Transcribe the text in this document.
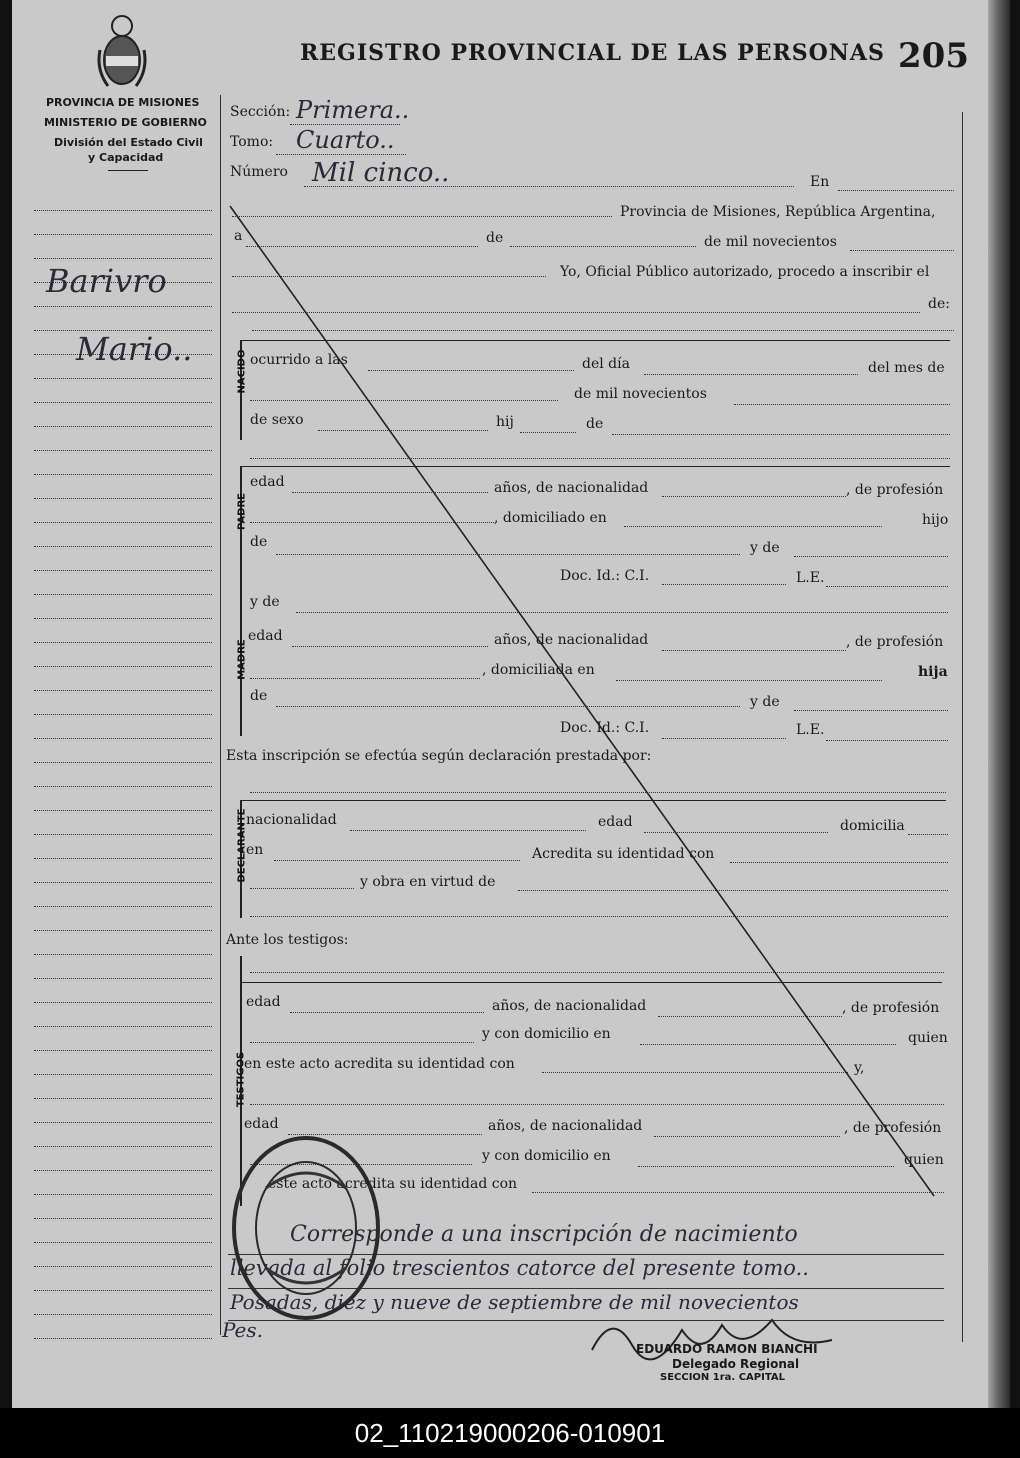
REGISTRO PROVINCIAL DE LAS PERSONAS 205
PROVINCIA DE MISIONES
MINISTERIO DE GOBIERNO
División del Estado Civil
y Capacidad
Barivro
Mario..
Sección: Primera..
Tomo: Cuarto..
Número Mil cinco..	En
Provincia de Misiones, República Argentina,
a	de	de mil novecientos
Yo, Oficial Público autorizado, procedo a inscribir el
de:
NACIDO ocurrido a las	del día	del mes de
de mil novecientos
de sexo	hij	de
PADRE
edad	años, de nacionalidad	, de profesión
, domiciliado en	hijo
de	y de
Doc. Id.: C.I.	L.E.
MADRE
y de
edad	años, de nacionalidad	, de profesión
, domiciliada en	hija
de	y de
Doc. Id.: C.I.	L.E.
Esta inscripción se efectúa según declaración prestada por:
DECLARANTE
nacionalidad	edad	domicilia
en	Acredita su identidad con
y obra en virtud de
Ante los testigos:
TESTIGOS
edad	años, de nacionalidad	, de profesión
y con domicilio en	quien
en este acto acredita su identidad con	y,
edad	años, de nacionalidad	, de profesión
y con domicilio en	quien
este acto acredita su identidad con
Corresponde a una inscripción de nacimiento
llevada al folio trescientos catorce del presente tomo..
Posadas, diez y nueve de septiembre de mil novecientos
Pes.
EDUARDO RAMON BIANCHI
Delegado Regional
SECCION 1ra. CAPITAL
02_110219000206-010901
